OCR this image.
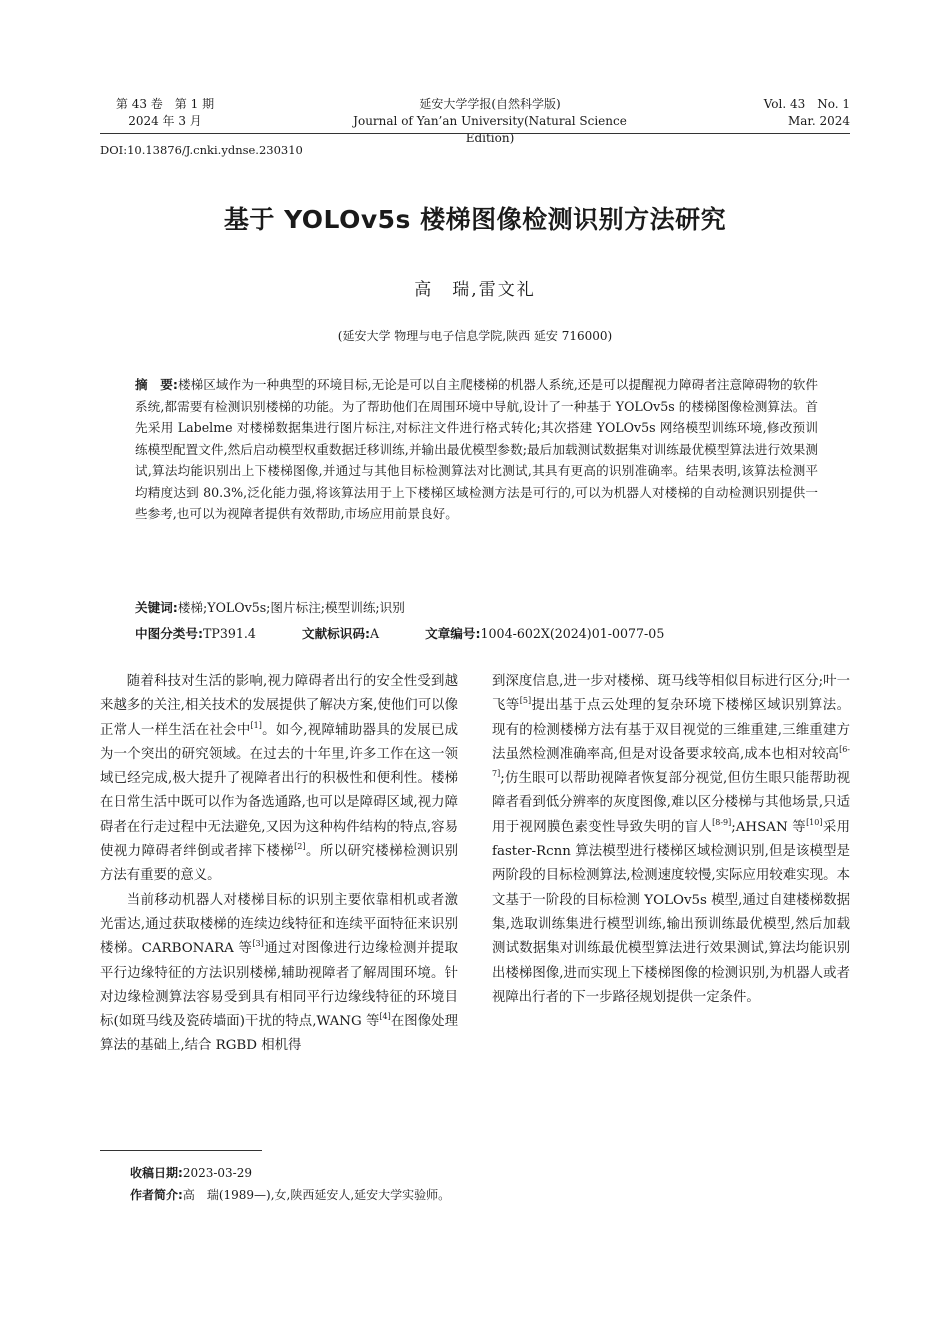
第 43 卷　第 1 期
2024 年 3 月
延安大学学报(自然科学版)
Journal of Yan’an University(Natural Science Edition)
Vol. 43　No. 1
Mar. 2024
DOI:10.13876/J.cnki.ydnse.230310
基于 YOLOv5s 楼梯图像检测识别方法研究
高　瑞,雷文礼
(延安大学 物理与电子信息学院,陕西 延安 716000)
摘　要:楼梯区域作为一种典型的环境目标,无论是可以自主爬楼梯的机器人系统,还是可以提醒视力障碍者注意障碍物的软件系统,都需要有检测识别楼梯的功能。为了帮助他们在周围环境中导航,设计了一种基于 YOLOv5s 的楼梯图像检测算法。首先采用 Labelme 对楼梯数据集进行图片标注,对标注文件进行格式转化;其次搭建 YOLOv5s 网络模型训练环境,修改预训练模型配置文件,然后启动模型权重数据迁移训练,并输出最优模型参数;最后加载测试数据集对训练最优模型算法进行效果测试,算法均能识别出上下楼梯图像,并通过与其他目标检测算法对比测试,其具有更高的识别准确率。结果表明,该算法检测平均精度达到 80.3%,泛化能力强,将该算法用于上下楼梯区域检测方法是可行的,可以为机器人对楼梯的自动检测识别提供一些参考,也可以为视障者提供有效帮助,市场应用前景良好。
关键词:楼梯;YOLOv5s;图片标注;模型训练;识别
中图分类号:TP391.4	文献标识码:A	文章编号:1004-602X(2024)01-0077-05

随着科技对生活的影响,视力障碍者出行的安全性受到越来越多的关注,相关技术的发展提供了解决方案,使他们可以像正常人一样生活在社会中[1]。如今,视障辅助器具的发展已成为一个突出的研究领域。在过去的十年里,许多工作在这一领域已经完成,极大提升了视障者出行的积极性和便利性。楼梯在日常生活中既可以作为备选通路,也可以是障碍区域,视力障碍者在行走过程中无法避免,又因为这种构件结构的特点,容易使视力障碍者绊倒或者摔下楼梯[2]。所以研究楼梯检测识别方法有重要的意义。

当前移动机器人对楼梯目标的识别主要依靠相机或者激光雷达,通过获取楼梯的连续边线特征和连续平面特征来识别楼梯。CARBONARA 等[3]通过对图像进行边缘检测并提取平行边缘特征的方法识别楼梯,辅助视障者了解周围环境。针对边缘检测算法容易受到具有相同平行边缘线特征的环境目标(如斑马线及瓷砖墙面)干扰的特点,WANG 等[4]在图像处理算法的基础上,结合 RGBD 相机得

到深度信息,进一步对楼梯、斑马线等相似目标进行区分;叶一飞等[5]提出基于点云处理的复杂环境下楼梯区域识别算法。现有的检测楼梯方法有基于双目视觉的三维重建,三维重建方法虽然检测准确率高,但是对设备要求较高,成本也相对较高[6-7];仿生眼可以帮助视障者恢复部分视觉,但仿生眼只能帮助视障者看到低分辨率的灰度图像,难以区分楼梯与其他场景,只适用于视网膜色素变性导致失明的盲人[8-9];AHSAN 等[10]采用 faster-Rcnn 算法模型进行楼梯区域检测识别,但是该模型是两阶段的目标检测算法,检测速度较慢,实际应用较难实现。本文基于一阶段的目标检测 YOLOv5s 模型,通过自建楼梯数据集,选取训练集进行模型训练,输出预训练最优模型,然后加载测试数据集对训练最优模型算法进行效果测试,算法均能识别出楼梯图像,进而实现上下楼梯图像的检测识别,为机器人或者视障出行者的下一步路径规划提供一定条件。

收稿日期:2023-03-29
作者简介:高　瑞(1989—),女,陕西延安人,延安大学实验师。
